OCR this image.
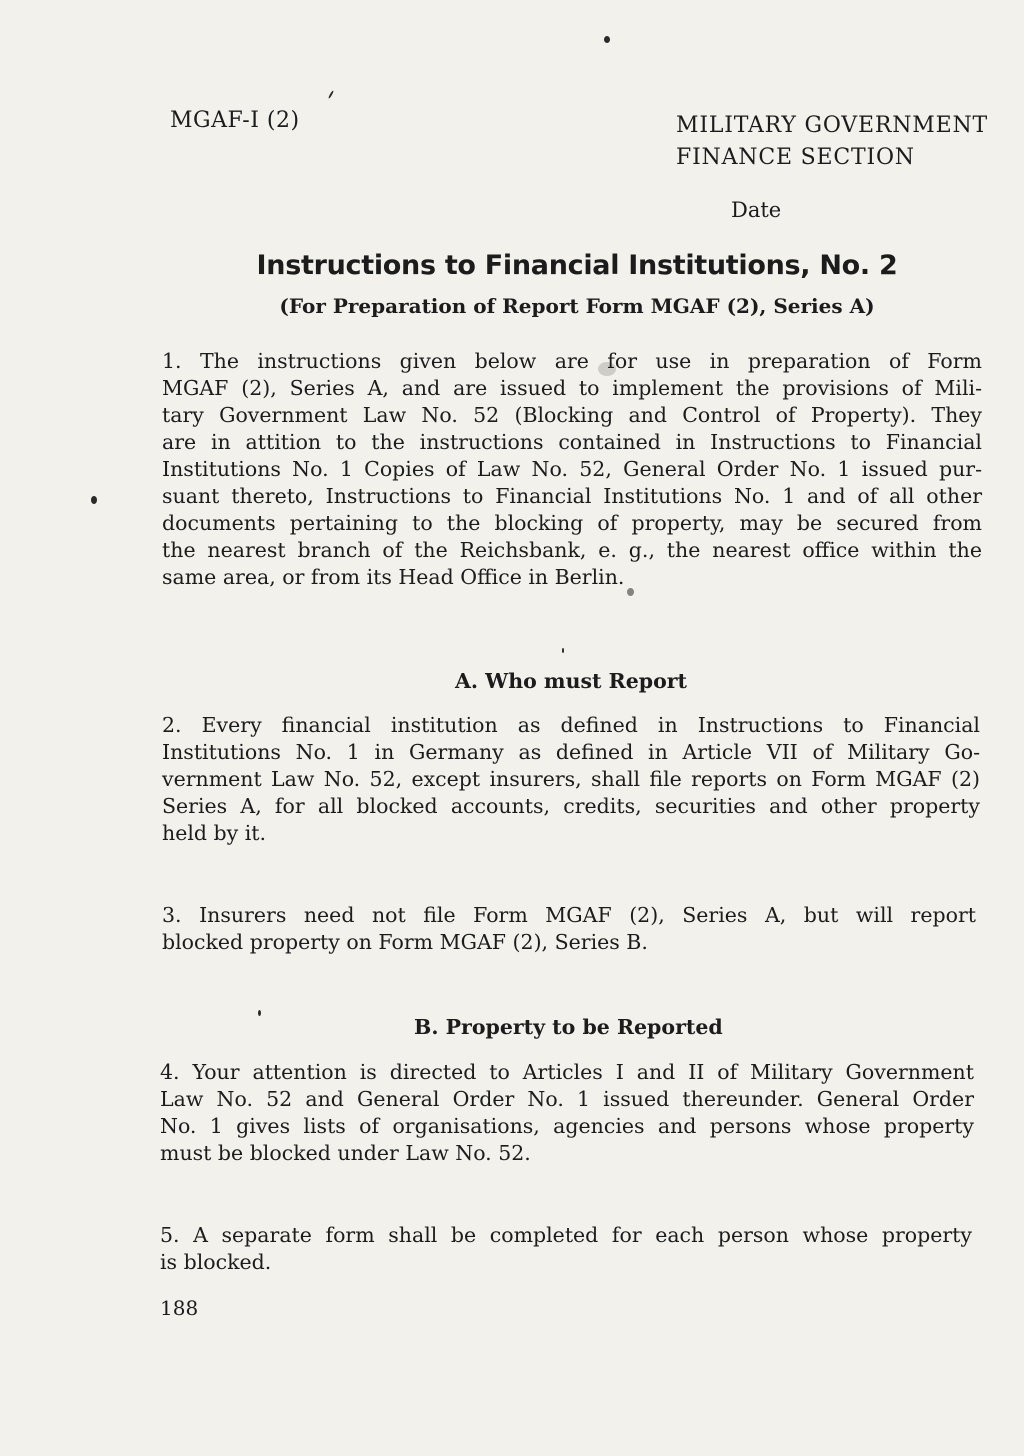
MGAF-I (2)	MILITARY GOVERNMENT
FINANCE SECTION
Date
Instructions to Financial Institutions, No. 2
(For Preparation of Report Form MGAF (2), Series A)
1. The instructions given below are for use in preparation of Form
MGAF (2), Series A, and are issued to implement the provisions of Mili-
tary Government Law No. 52 (Blocking and Control of Property). They
are in attition to the instructions contained in Instructions to Financial
Institutions No. 1 Copies of Law No. 52, General Order No. 1 issued pur-
suant thereto, Instructions to Financial Institutions No. 1 and of all other
documents pertaining to the blocking of property, may be secured from
the nearest branch of the Reichsbank, e. g., the nearest office within the
same area, or from its Head Office in Berlin.
A. Who must Report
2. Every financial institution as defined in Instructions to Financial
Institutions No. 1 in Germany as defined in Article VII of Military Go-
vernment Law No. 52, except insurers, shall file reports on Form MGAF (2)
Series A, for all blocked accounts, credits, securities and other property
held by it.
3. Insurers need not file Form MGAF (2), Series A, but will report
blocked property on Form MGAF (2), Series B.
B. Property to be Reported
4. Your attention is directed to Articles I and II of Military Government
Law No. 52 and General Order No. 1 issued thereunder. General Order
No. 1 gives lists of organisations, agencies and persons whose property
must be blocked under Law No. 52.
5. A separate form shall be completed for each person whose property
is blocked.
188
